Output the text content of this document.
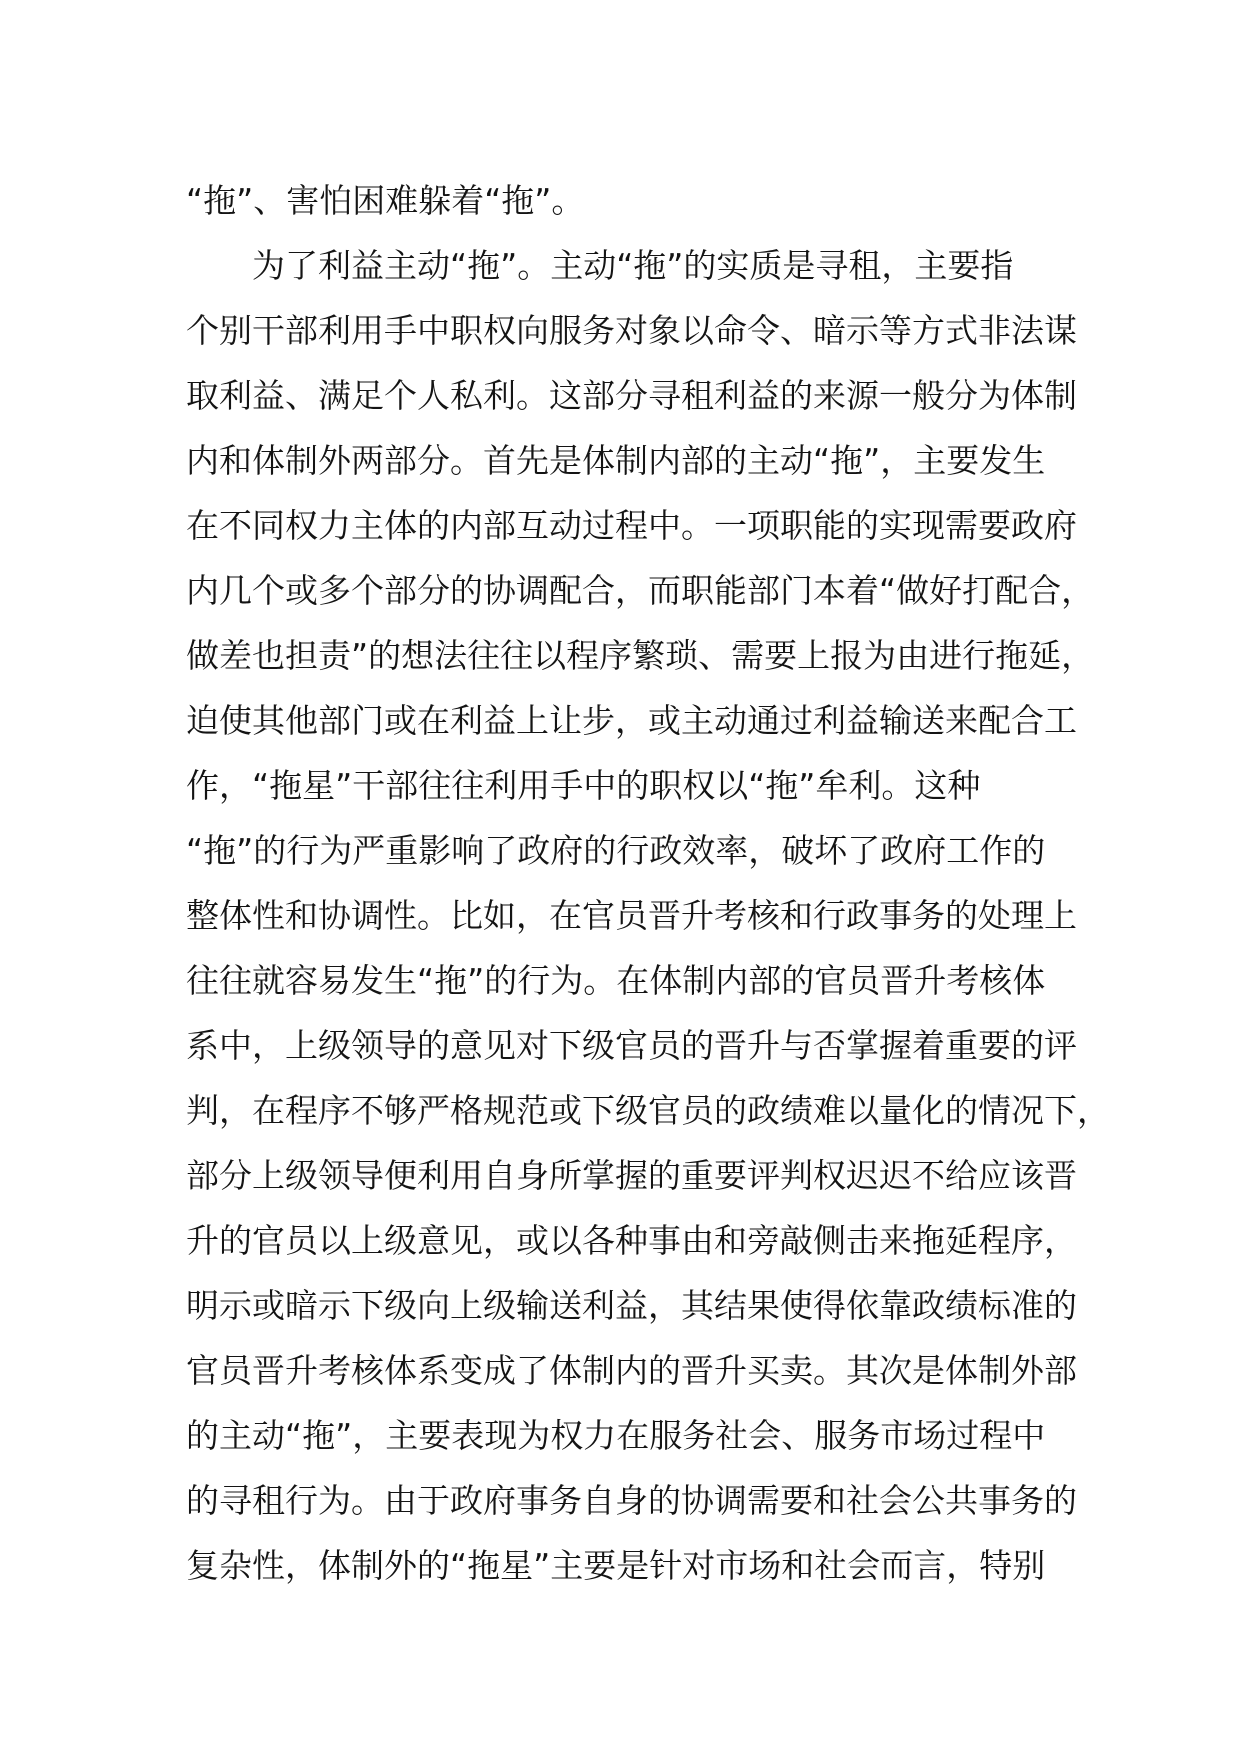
“拖”、害怕困难躲着“拖”。
　　为了利益主动“拖”。主动“拖”的实质是寻租，主要指
个别干部利用手中职权向服务对象以命令、暗示等方式非法谋
取利益、满足个人私利。这部分寻租利益的来源一般分为体制
内和体制外两部分。首先是体制内部的主动“拖”，主要发生
在不同权力主体的内部互动过程中。一项职能的实现需要政府
内几个或多个部分的协调配合，而职能部门本着“做好打配合，
做差也担责”的想法往往以程序繁琐、需要上报为由进行拖延，
迫使其他部门或在利益上让步，或主动通过利益输送来配合工
作，“拖星”干部往往利用手中的职权以“拖”牟利。这种
“拖”的行为严重影响了政府的行政效率，破坏了政府工作的
整体性和协调性。比如，在官员晋升考核和行政事务的处理上
往往就容易发生“拖”的行为。在体制内部的官员晋升考核体
系中，上级领导的意见对下级官员的晋升与否掌握着重要的评
判，在程序不够严格规范或下级官员的政绩难以量化的情况下，
部分上级领导便利用自身所掌握的重要评判权迟迟不给应该晋
升的官员以上级意见，或以各种事由和旁敲侧击来拖延程序，
明示或暗示下级向上级输送利益，其结果使得依靠政绩标准的
官员晋升考核体系变成了体制内的晋升买卖。其次是体制外部
的主动“拖”，主要表现为权力在服务社会、服务市场过程中
的寻租行为。由于政府事务自身的协调需要和社会公共事务的
复杂性，体制外的“拖星”主要是针对市场和社会而言，特别
